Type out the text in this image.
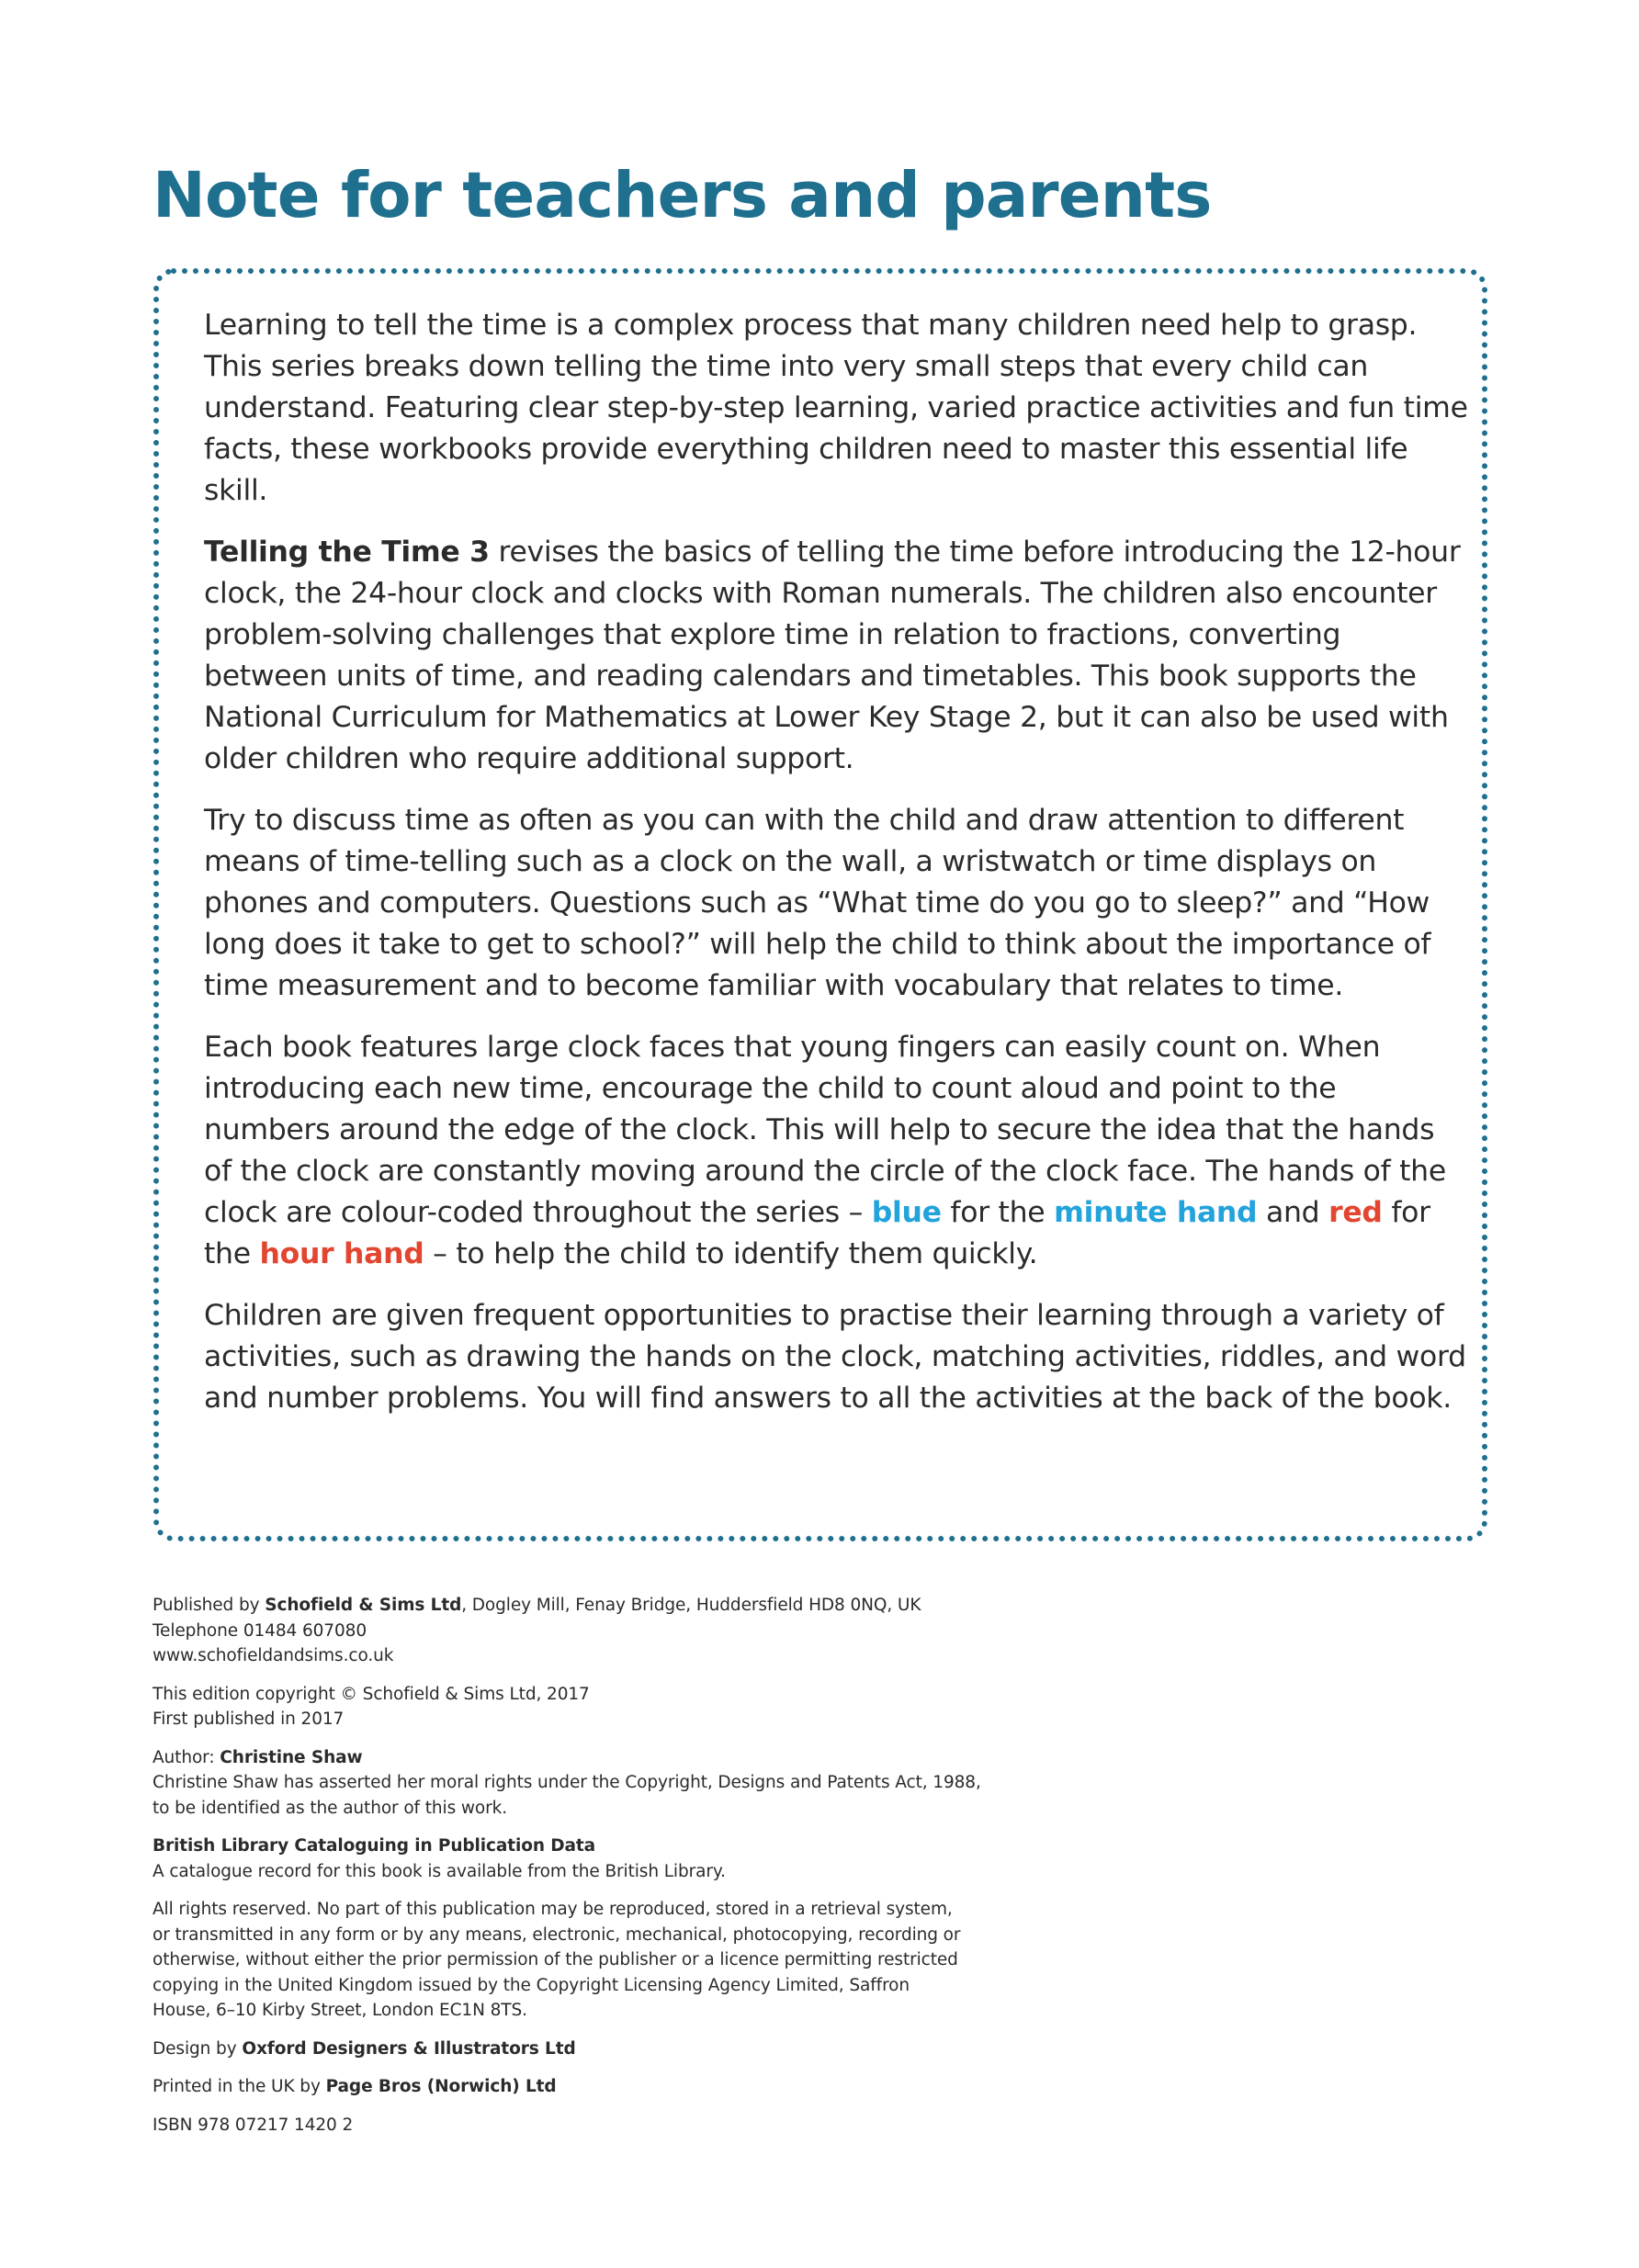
Note for teachers and parents

Learning to tell the time is a complex process that many children need help to grasp. This series breaks down telling the time into very small steps that every child can understand. Featuring clear step-by-step learning, varied practice activities and fun time facts, these workbooks provide everything children need to master this essential life skill.

Telling the Time 3 revises the basics of telling the time before introducing the 12-hour clock, the 24-hour clock and clocks with Roman numerals. The children also encounter problem-solving challenges that explore time in relation to fractions, converting between units of time, and reading calendars and timetables. This book supports the National Curriculum for Mathematics at Lower Key Stage 2, but it can also be used with older children who require additional support.

Try to discuss time as often as you can with the child and draw attention to different means of time-telling such as a clock on the wall, a wristwatch or time displays on phones and computers. Questions such as “What time do you go to sleep?” and “How long does it take to get to school?” will help the child to think about the importance of time measurement and to become familiar with vocabulary that relates to time.

Each book features large clock faces that young fingers can easily count on. When introducing each new time, encourage the child to count aloud and point to the numbers around the edge of the clock. This will help to secure the idea that the hands of the clock are constantly moving around the circle of the clock face. The hands of the clock are colour-coded throughout the series – blue for the minute hand and red for the hour hand – to help the child to identify them quickly.

Children are given frequent opportunities to practise their learning through a variety of activities, such as drawing the hands on the clock, matching activities, riddles, and word and number problems. You will find answers to all the activities at the back of the book.

Published by Schofield & Sims Ltd, Dogley Mill, Fenay Bridge, Huddersfield HD8 0NQ, UK
Telephone 01484 607080
www.schofieldandsims.co.uk
This edition copyright © Schofield & Sims Ltd, 2017
First published in 2017
Author: Christine Shaw
Christine Shaw has asserted her moral rights under the Copyright, Designs and Patents Act, 1988,
to be identified as the author of this work.
British Library Cataloguing in Publication Data
A catalogue record for this book is available from the British Library.
All rights reserved. No part of this publication may be reproduced, stored in a retrieval system,
or transmitted in any form or by any means, electronic, mechanical, photocopying, recording or
otherwise, without either the prior permission of the publisher or a licence permitting restricted
copying in the United Kingdom issued by the Copyright Licensing Agency Limited, Saffron
House, 6–10 Kirby Street, London EC1N 8TS.
Design by Oxford Designers & Illustrators Ltd
Printed in the UK by Page Bros (Norwich) Ltd
ISBN 978 07217 1420 2
